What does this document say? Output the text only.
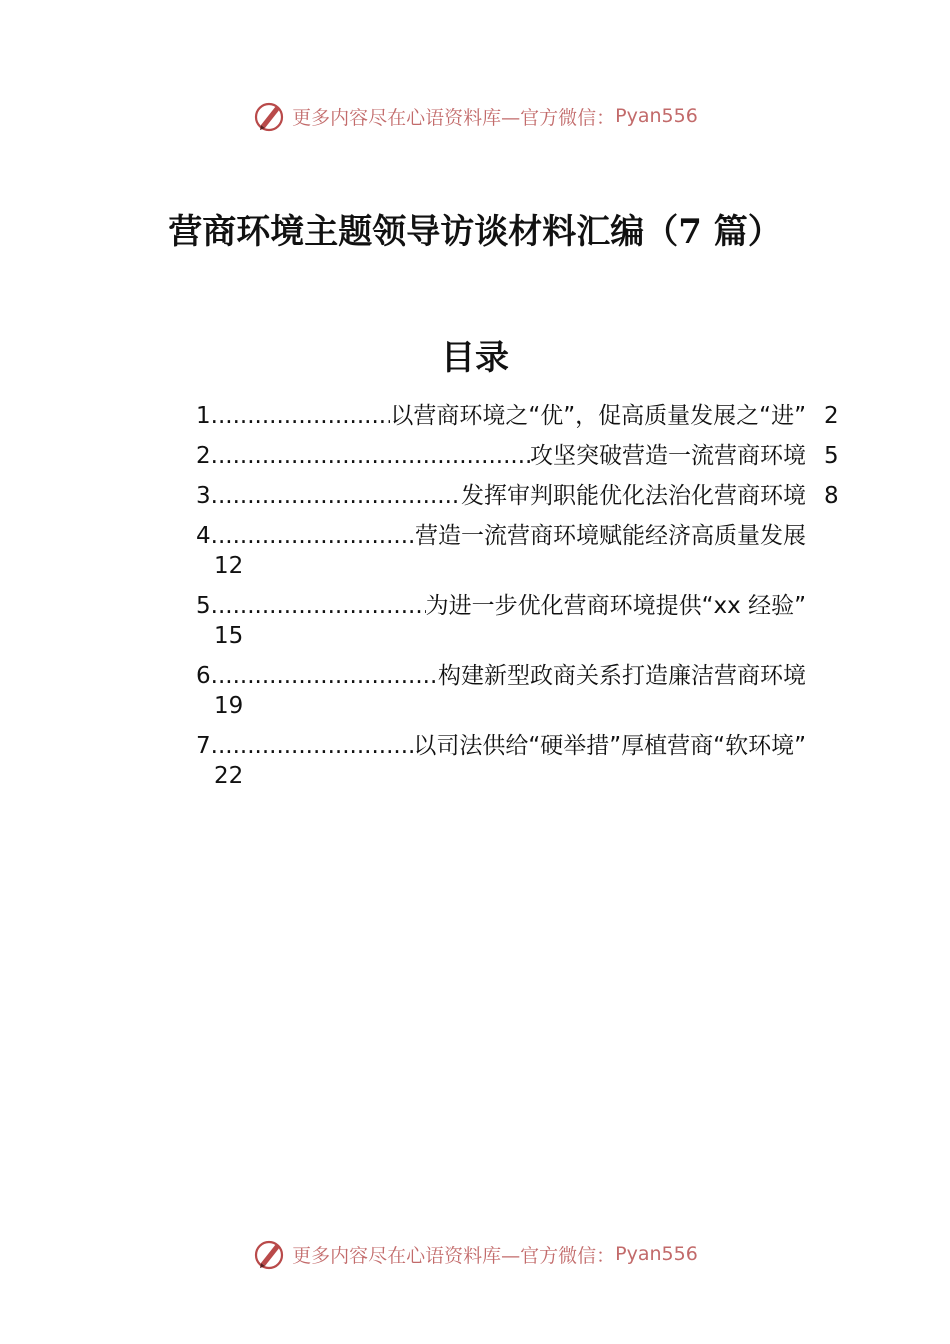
更多内容尽在心语资料库—官方微信： Pyan556
营商环境主题领导访谈材料汇编（7 篇）
目录
1 .....	以营商环境之“优”，促高质量发展之“进” 2
2 .....	攻坚突破营造一流营商环境 5
3 .....	发挥审判职能优化法治化营商环境 8
4 .....	营造一流营商环境赋能经济高质量发展
12
5 .....	为进一步优化营商环境提供“xx 经验”
15
6 .....	构建新型政商关系打造廉洁营商环境
19
7 .....	以司法供给“硬举措”厚植营商“软环境”
22
更多内容尽在心语资料库—官方微信： Pyan556
